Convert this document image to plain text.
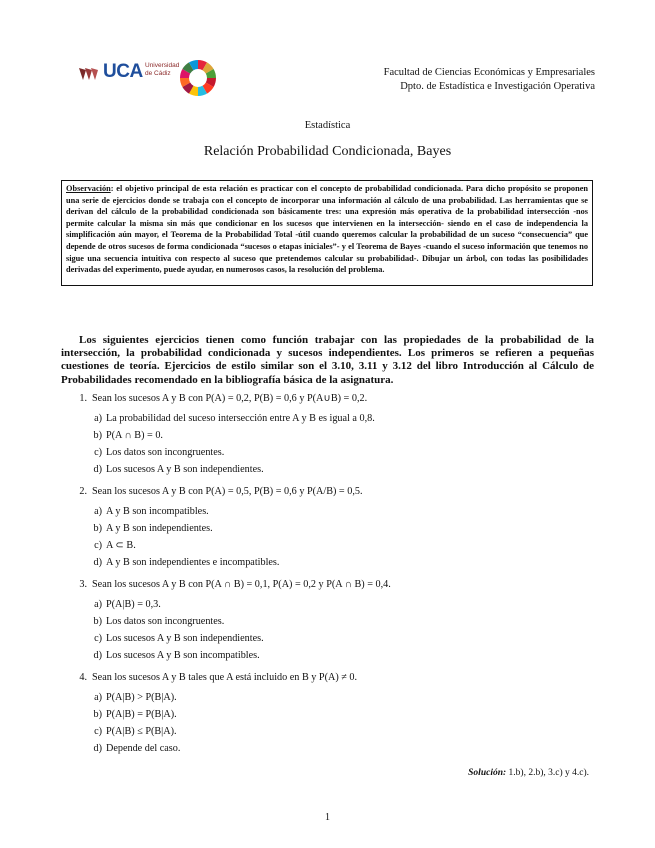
UCA Universidad de Cádiz	Facultad de Ciencias Económicas y Empresariales
Dpto. de Estadística e Investigación Operativa
Estadística
Relación Probabilidad Condicionada, Bayes
Observación: el objetivo principal de esta relación es practicar con el concepto de probabilidad condicionada. Para dicho propósito se proponen una serie de ejercicios donde se trabaja con el concepto de incorporar una información al cálculo de una probabilidad. Las herramientas que se derivan del cálculo de la probabilidad condicionada son básicamente tres: una expresión más operativa de la probabilidad intersección -nos permite calcular la misma sin más que condicionar en los sucesos que intervienen en la intersección- siendo en el caso de independencia la simplificación aún mayor, el Teorema de la Probabilidad Total -útil cuando queremos calcular la probabilidad de un suceso “consecuencia” que depende de otros sucesos de forma condicionada “sucesos o etapas iniciales”- y el Teorema de Bayes -cuando el suceso información que tenemos no sigue una secuencia intuitiva con respecto al suceso que pretendemos calcular su probabilidad-. Dibujar un árbol, con todas las posibilidades derivadas del experimento, puede ayudar, en numerosos casos, la resolución del problema.
Los siguientes ejercicios tienen como función trabajar con las propiedades de la probabilidad de la intersección, la probabilidad condicionada y sucesos independientes. Los primeros se refieren a pequeñas cuestiones de teoría. Ejercicios de estilo similar son el 3.10, 3.11 y 3.12 del libro Introducción al Cálculo de Probabilidades recomendado en la bibliografía básica de la asignatura.
1. Sean los sucesos A y B con P(A) = 0,2, P(B) = 0,6 y P(A∪B) = 0,2.
a) La probabilidad del suceso intersección entre A y B es igual a 0,8.
b) P(A ∩ B) = 0.
c) Los datos son incongruentes.
d) Los sucesos A y B son independientes.
2. Sean los sucesos A y B con P(A) = 0,5, P(B) = 0,6 y P(A/B) = 0,5.
a) A y B son incompatibles.
b) A y B son independientes.
c) A ⊂ B.
d) A y B son independientes e incompatibles.
3. Sean los sucesos A y B con P(A ∩ B) = 0,1, P(A) = 0,2 y P(A ∩ B) = 0,4.
a) P(A|B) = 0,3.
b) Los datos son incongruentes.
c) Los sucesos A y B son independientes.
d) Los sucesos A y B son incompatibles.
4. Sean los sucesos A y B tales que A está incluido en B y P(A) ≠ 0.
a) P(A|B) > P(B|A).
b) P(A|B) = P(B|A).
c) P(A|B) ≤ P(B|A).
d) Depende del caso.
Solución: 1.b), 2.b), 3.c) y 4.c).
1
